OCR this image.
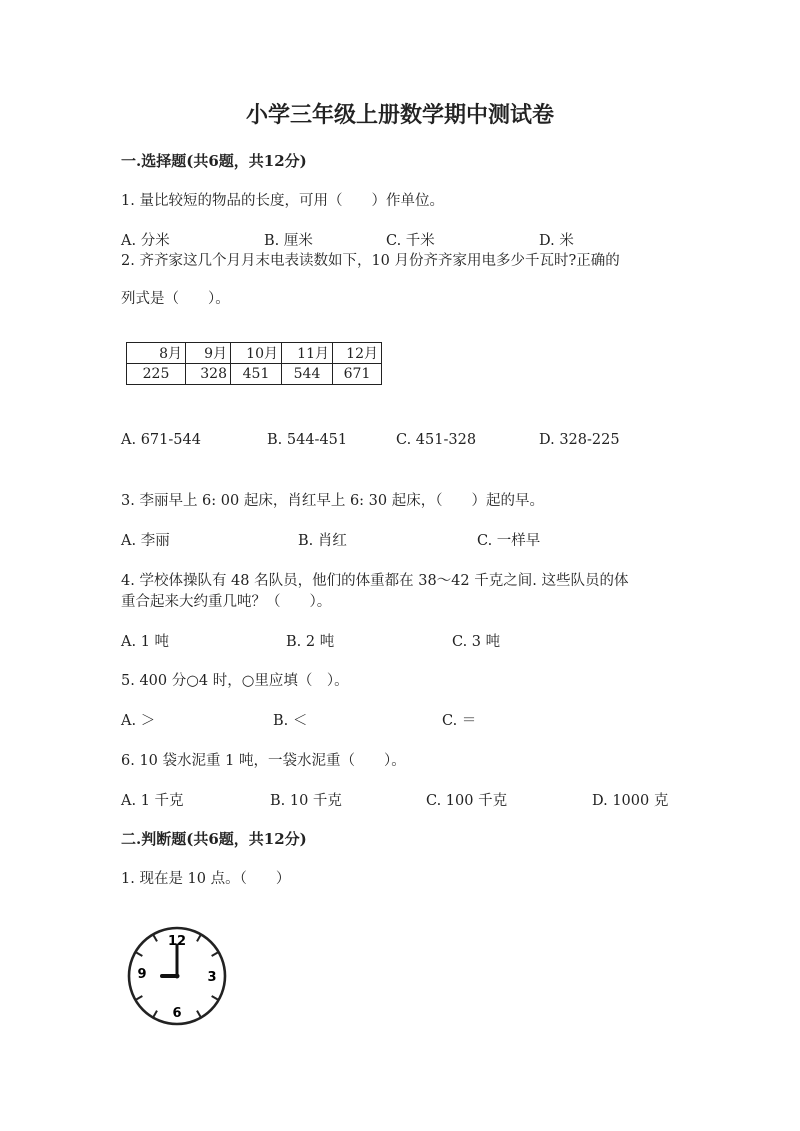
小学三年级上册数学期中测试卷
一.选择题(共6题，共12分)
1. 量比较短的物品的长度，可用（　　）作单位。
A. 分米	B. 厘米	C. 千米	D. 米
2. 齐齐家这几个月月末电表读数如下，10 月份齐齐家用电多少千瓦时?正确的
列式是（　　）。
8月	9月	10月	11月	12月
225	328	451	544	671
A. 671-544	B. 544-451	C. 451-328	D. 328-225
3. 李丽早上 6: 00 起床，肖红早上 6: 30 起床，（　　）起的早。
A. 李丽	B. 肖红	C. 一样早
4. 学校体操队有 48 名队员，他们的体重都在 38～42 千克之间. 这些队员的体
重合起来大约重几吨？（　　）。
A. 1 吨	B. 2 吨	C. 3 吨
5. 400 分○4 时，○里应填（　）。
A. ＞	B. ＜	C. ＝
6. 10 袋水泥重 1 吨，一袋水泥重（　　）。
A. 1 千克	B. 10 千克	C. 100 千克	D. 1000 克
二.判断题(共6题，共12分)
1. 现在是 10 点。（　　）
12
3
6
9
